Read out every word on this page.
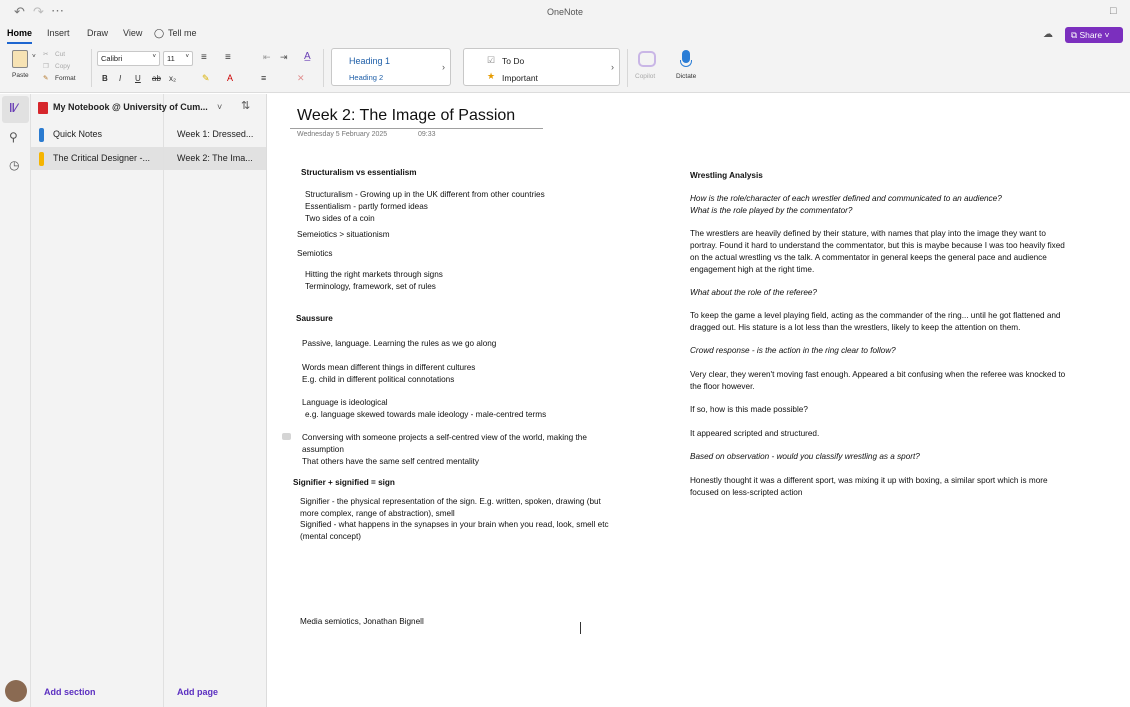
↶ ↷ ⋯	OneNote	□
Home Insert Draw View ◯ Tell me	☁	⧉ Share ˅
Paste
˅ ✂ Cut
❐ Copy
✎ Format
Calibri	˅	11 ˅ ≡ ≡	⇤ ⇥ A̲
B I U ab x₂	✎ A	≡	✕
Heading 1
Heading 2
›
☑ To Do
★ Important
›
Copilot	Dictate
‖⁄
⚲
◷
Quick Notes
The Critical Designer -...
Week 1: Dressed...
Week 2: The Ima...
My Notebook @ University of Cum... ˅ ⇅
Add section	Add page
Week 2: The Image of Passion
Wednesday 5 February 2025	09:33
Structuralism vs essentialism
Structuralism - Growing up in the UK different from other countries
Essentialism - partly formed ideas
Two sides of a coin
Semeiotics > situationism
Semiotics
Hitting the right markets through signs
Terminology, framework, set of rules
Saussure
Passive, language. Learning the rules as we go along
Words mean different things in different cultures
E.g. child in different political connotations
Language is ideological
e.g. language skewed towards male ideology - male-centred terms
Conversing with someone projects a self-centred view of the world, making the
assumption
That others have the same self centred mentality
Signifier + signified = sign
Signifier - the physical representation of the sign. E.g. written, spoken, drawing (but
more complex, range of abstraction), smell
Signified - what happens in the synapses in your brain when you read, look, smell etc
(mental concept)
Media semiotics, Jonathan Bignell
Wrestling Analysis
How is the role/character of each wrestler defined and communicated to an audience?
What is the role played by the commentator?
The wrestlers are heavily defined by their stature, with names that play into the image they want to
portray. Found it hard to understand the commentator, but this is maybe because I was too heavily fixed
on the actual wrestling vs the talk. A commentator in general keeps the general pace and audience
engagement high at the right time.
What about the role of the referee?
To keep the game a level playing field, acting as the commander of the ring... until he got flattened and
dragged out. His stature is a lot less than the wrestlers, likely to keep the attention on them.
Crowd response - is the action in the ring clear to follow?
Very clear, they weren't moving fast enough. Appeared a bit confusing when the referee was knocked to
the floor however.
If so, how is this made possible?
It appeared scripted and structured.
Based on observation - would you classify wrestling as a sport?
Honestly thought it was a different sport, was mixing it up with boxing, a similar sport which is more
focused on less-scripted action
